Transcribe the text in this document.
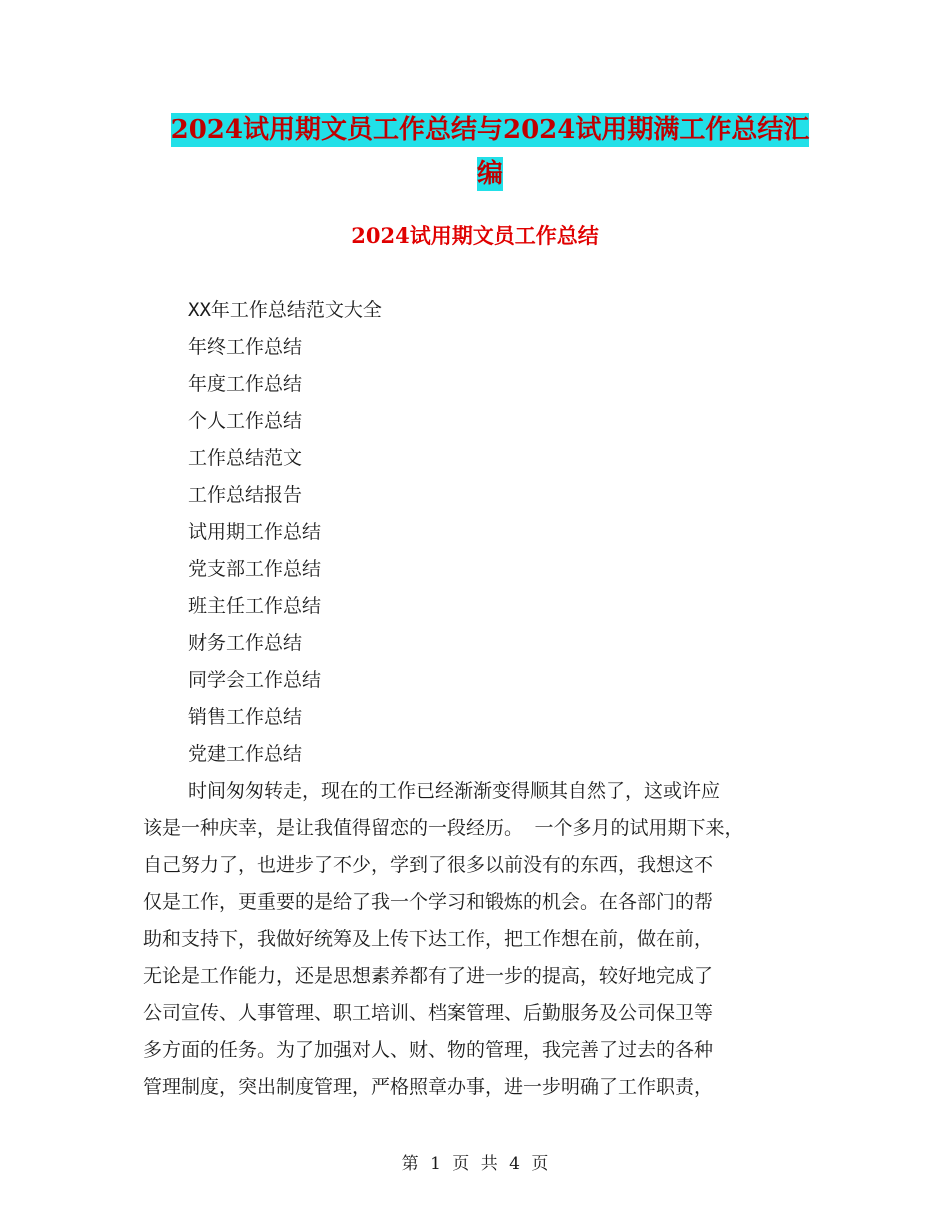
2024试用期文员工作总结与2024试用期满工作总结汇
编
2024试用期文员工作总结
XX年工作总结范文大全
年终工作总结
年度工作总结
个人工作总结
工作总结范文
工作总结报告
试用期工作总结
党支部工作总结
班主任工作总结
财务工作总结
同学会工作总结
销售工作总结
党建工作总结
时间匆匆转走，现在的工作已经渐渐变得顺其自然了，这或许应
该是一种庆幸，是让我值得留恋的一段经历。 一个多月的试用期下来，
自己努力了，也进步了不少，学到了很多以前没有的东西，我想这不
仅是工作，更重要的是给了我一个学习和锻炼的机会。在各部门的帮
助和支持下，我做好统筹及上传下达工作，把工作想在前，做在前，
无论是工作能力，还是思想素养都有了进一步的提高，较好地完成了
公司宣传、人事管理、职工培训、档案管理、后勤服务及公司保卫等
多方面的任务。为了加强对人、财、物的管理，我完善了过去的各种
管理制度，突出制度管理，严格照章办事，进一步明确了工作职责，
第 1 页 共 4 页
